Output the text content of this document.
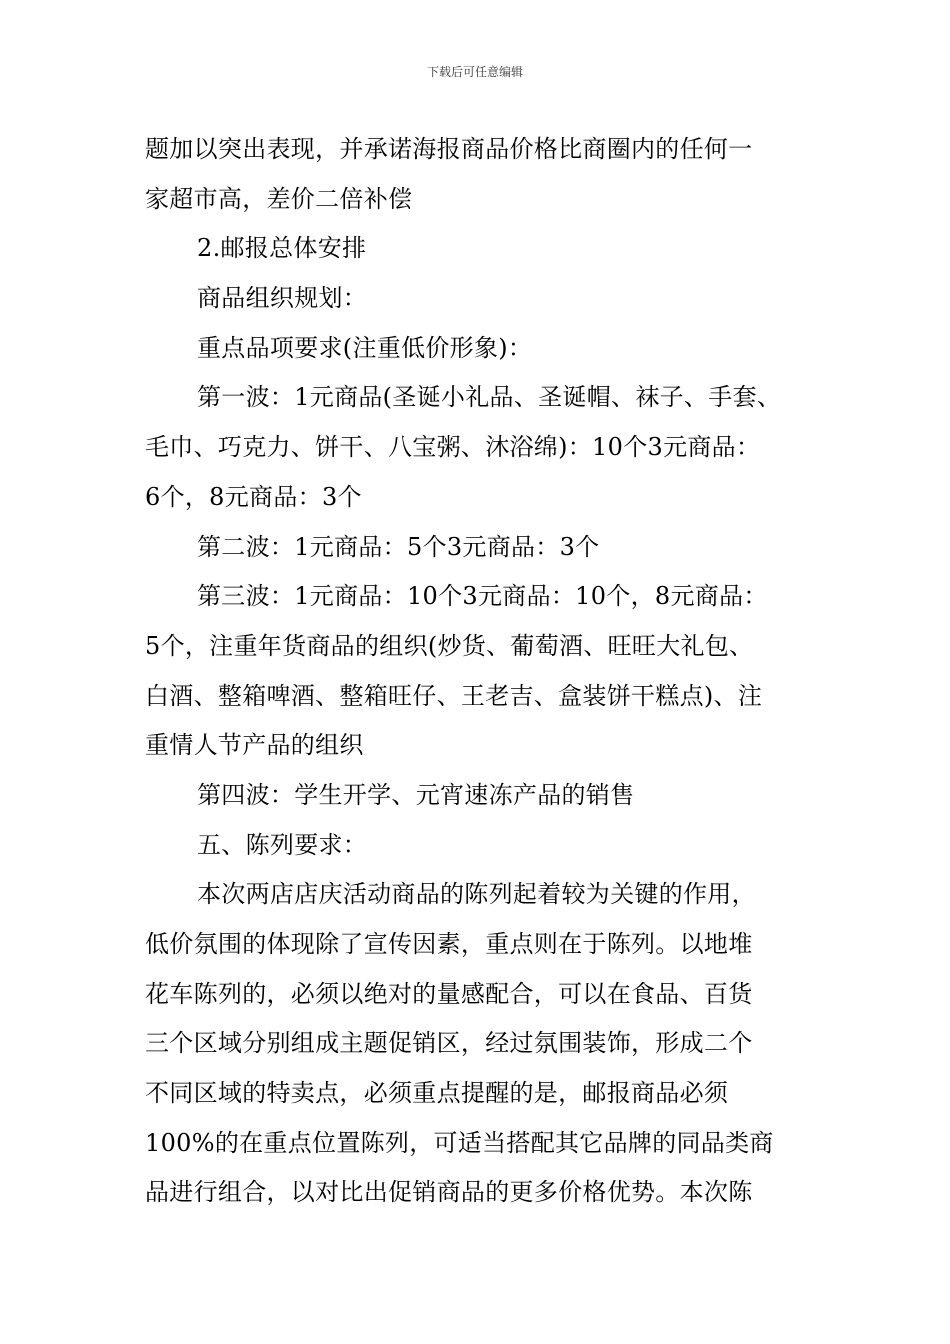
下载后可任意编辑
题加以突出表现，并承诺海报商品价格比商圈内的任何一
家超市高，差价二倍补偿
2.邮报总体安排
商品组织规划：
重点品项要求(注重低价形象)：
第一波：1元商品(圣诞小礼品、圣诞帽、袜子、手套、
毛巾、巧克力、饼干、八宝粥、沐浴绵)：10个3元商品：
6个，8元商品：3个
第二波：1元商品：5个3元商品：3个
第三波：1元商品：10个3元商品：10个，8元商品：
5个，注重年货商品的组织(炒货、葡萄酒、旺旺大礼包、
白酒、整箱啤酒、整箱旺仔、王老吉、盒装饼干糕点)、注
重情人节产品的组织
第四波：学生开学、元宵速冻产品的销售
五、陈列要求：
本次两店店庆活动商品的陈列起着较为关键的作用，
低价氛围的体现除了宣传因素，重点则在于陈列。以地堆
花车陈列的，必须以绝对的量感配合，可以在食品、百货
三个区域分别组成主题促销区，经过氛围装饰，形成二个
不同区域的特卖点，必须重点提醒的是，邮报商品必须
100%的在重点位置陈列，可适当搭配其它品牌的同品类商
品进行组合，以对比出促销商品的更多价格优势。本次陈
